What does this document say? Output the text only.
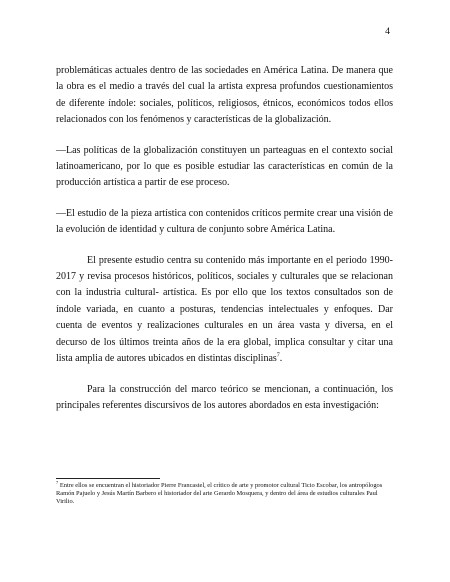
4

problemáticas actuales dentro de las sociedades en América Latina. De manera que la obra es el medio a través del cual la artista expresa profundos cuestionamientos de diferente índole: sociales, políticos, religiosos, étnicos, económicos todos ellos relacionados con los fenómenos y características de la globalización.

—Las políticas de la globalización constituyen un parteaguas en el contexto social latinoamericano, por lo que es posible estudiar las características en común de la producción artística a partir de ese proceso.

—El estudio de la pieza artística con contenidos críticos permite crear una visión de la evolución de identidad y cultura de conjunto sobre América Latina.

El presente estudio centra su contenido más importante en el periodo 1990-2017 y revisa procesos históricos, políticos, sociales y culturales que se relacionan con la industria cultural- artística. Es por ello que los textos consultados son de índole variada, en cuanto a posturas, tendencias intelectuales y enfoques. Dar cuenta de eventos y realizaciones culturales en un área vasta y diversa, en el decurso de los últimos treinta años de la era global, implica consultar y citar una lista amplia de autores ubicados en distintas disciplinas$^7$.

Para la construcción del marco teórico se mencionan, a continuación, los principales referentes discursivos de los autores abordados en esta investigación:

$^7$ Entre ellos se encuentran el historiador Pierre Francastel, el crítico de arte y promotor cultural Ticio Escobar, los antropólogos Ramón Pajuelo y Jesús Martín Barbero el historiador del arte Gerardo Mosquera, y dentro del área de estudios culturales Paul Virilio.
